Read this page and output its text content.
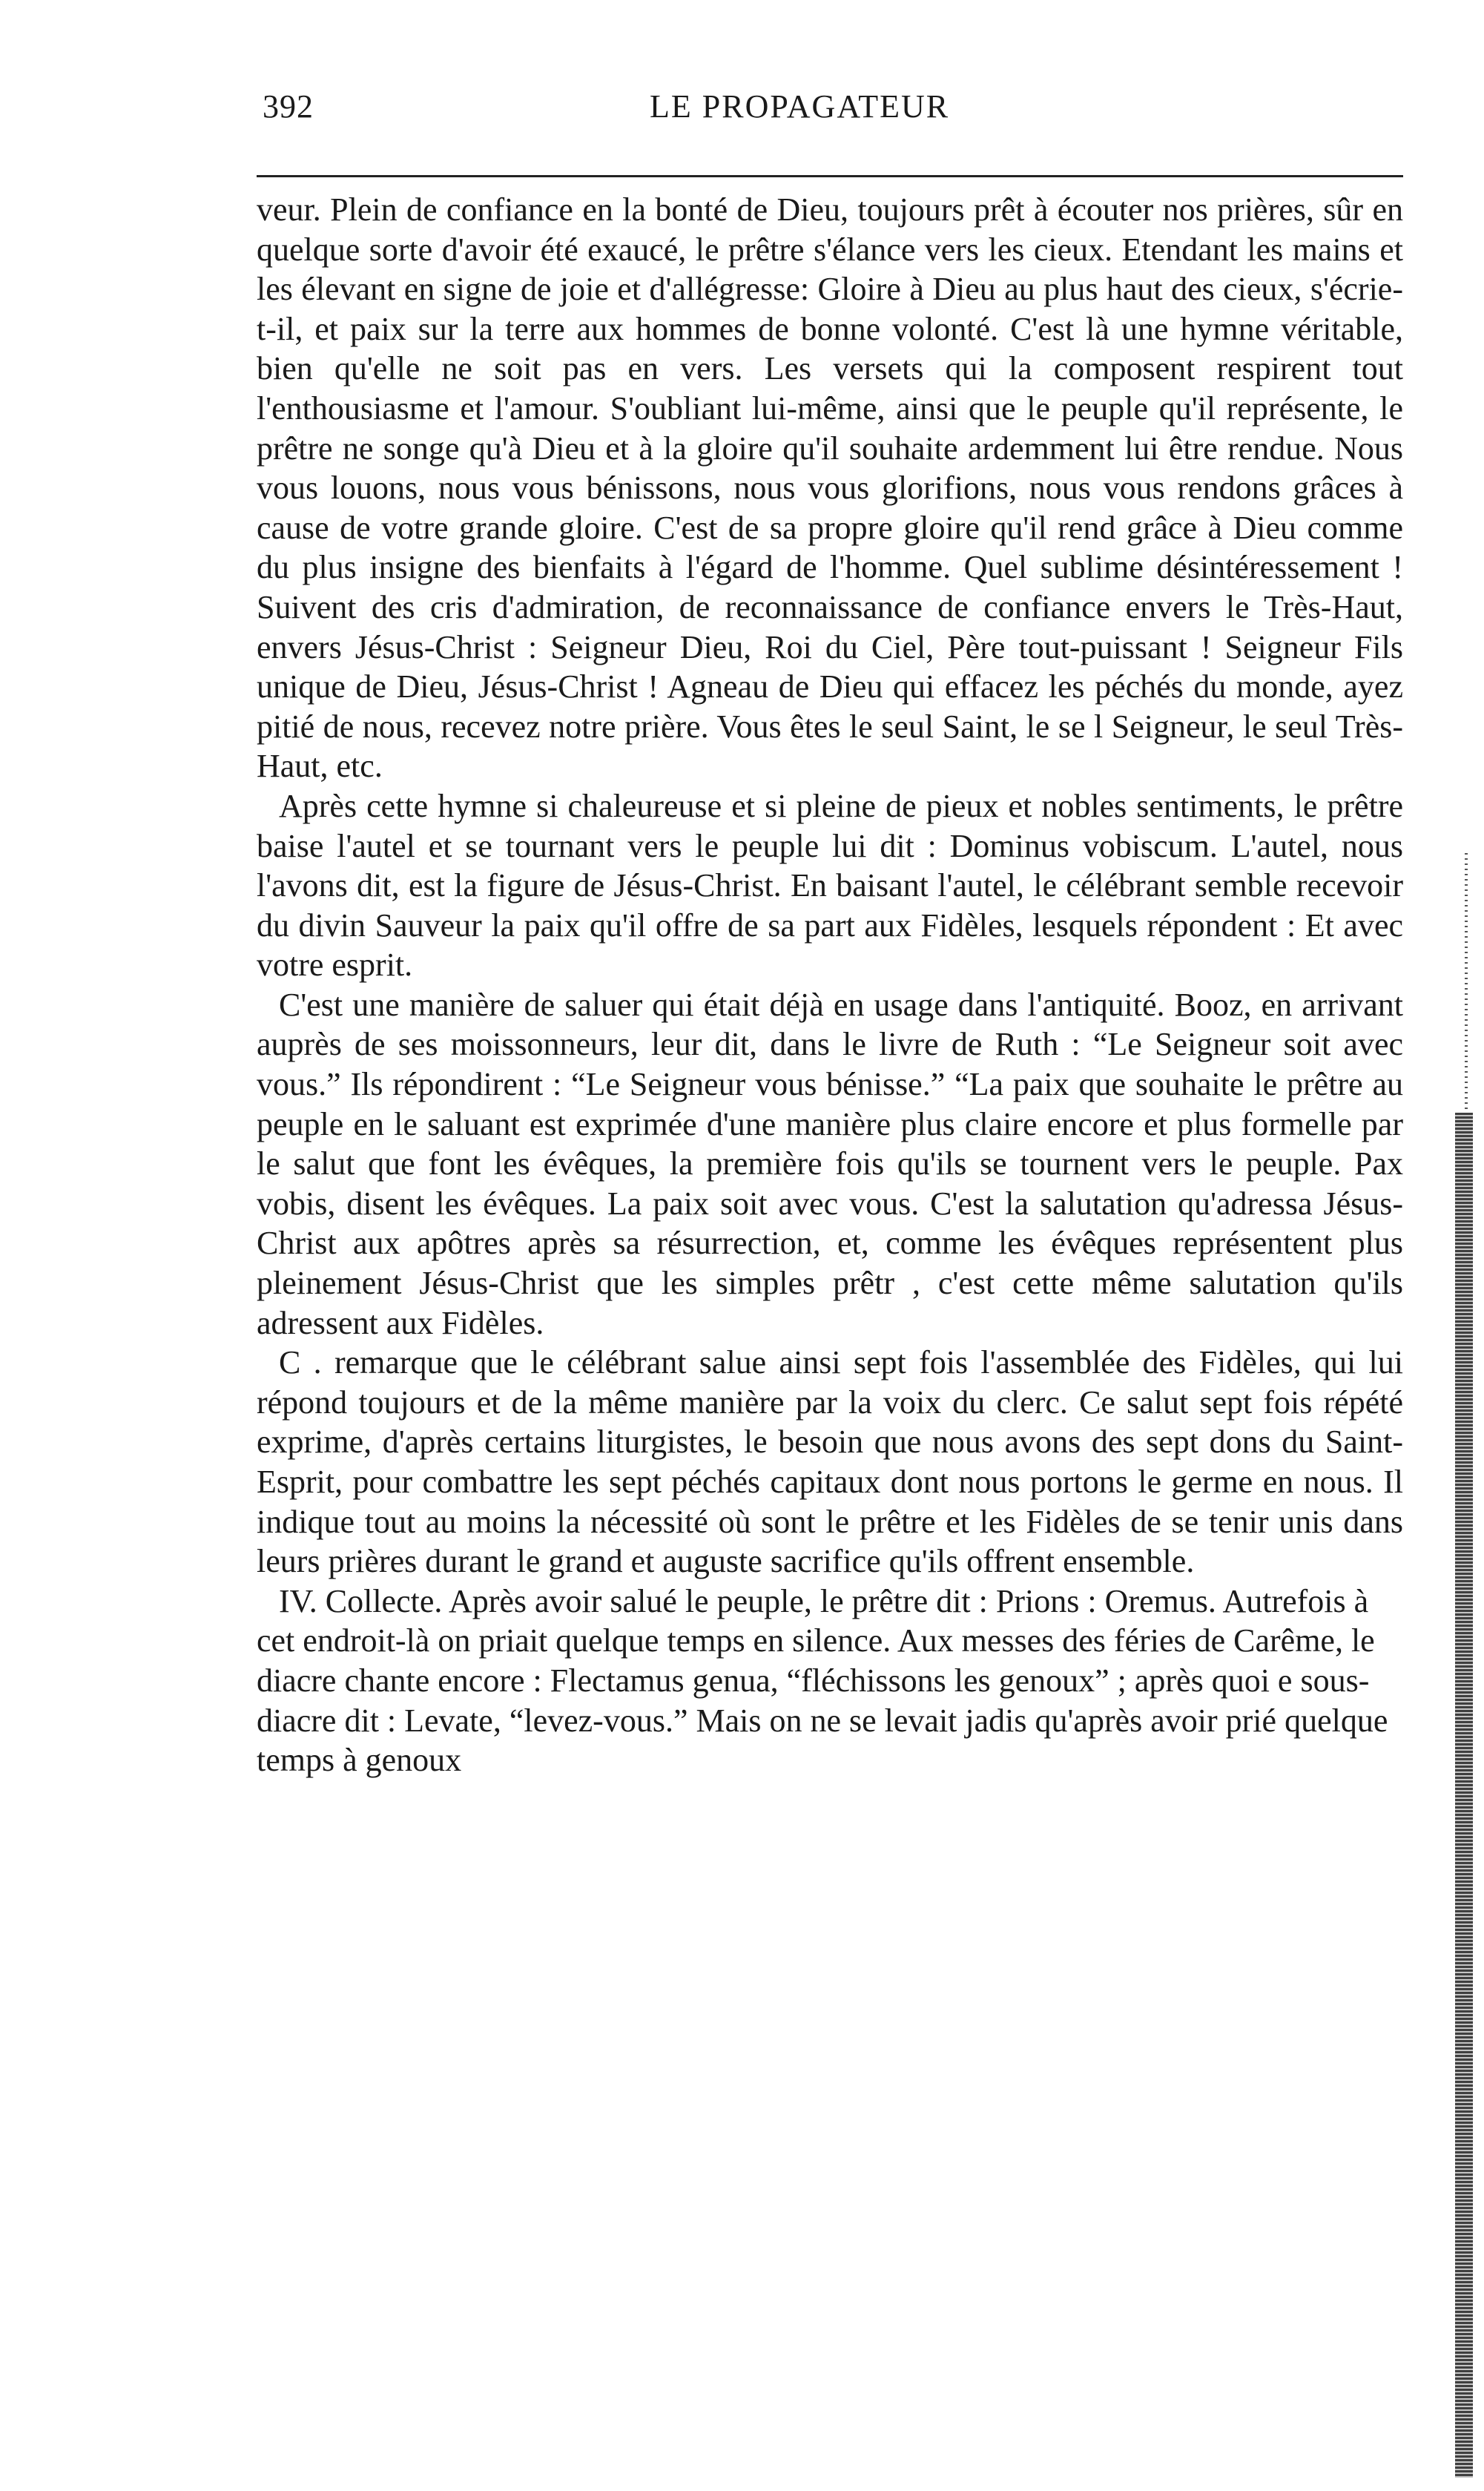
392	LE PROPAGATEUR

veur. Plein de confiance en la bonté de Dieu, toujours prêt à écouter nos prières, sûr en quelque sorte d'avoir été exaucé, le prêtre s'élance vers les cieux. Etendant les mains et les élevant en signe de joie et d'allégresse: Gloire à Dieu au plus haut des cieux, s'écrie-t-il, et paix sur la terre aux hommes de bonne volonté. C'est là une hymne véritable, bien qu'elle ne soit pas en vers. Les versets qui la composent respirent tout l'enthousiasme et l'amour. S'oubliant lui-même, ainsi que le peuple qu'il représente, le prêtre ne songe qu'à Dieu et à la gloire qu'il souhaite ardemment lui être rendue. Nous vous louons, nous vous bénissons, nous vous glorifions, nous vous rendons grâces à cause de votre grande gloire. C'est de sa propre gloire qu'il rend grâce à Dieu comme du plus insigne des bienfaits à l'égard de l'homme. Quel sublime désintéressement ! Suivent des cris d'admiration, de reconnaissance de confiance envers le Très-Haut, envers Jésus-Christ : Seigneur Dieu, Roi du Ciel, Père tout-puissant ! Seigneur Fils unique de Dieu, Jésus-Christ ! Agneau de Dieu qui effacez les péchés du monde, ayez pitié de nous, recevez notre prière. Vous êtes le seul Saint, le se l Seigneur, le seul Très-Haut, etc.

Après cette hymne si chaleureuse et si pleine de pieux et nobles sentiments, le prêtre baise l'autel et se tournant vers le peuple lui dit : Dominus vobiscum. L'autel, nous l'avons dit, est la figure de Jésus-Christ. En baisant l'autel, le célébrant semble recevoir du divin Sauveur la paix qu'il offre de sa part aux Fidèles, lesquels répondent : Et avec votre esprit.

C'est une manière de saluer qui était déjà en usage dans l'antiquité. Booz, en arrivant auprès de ses moissonneurs, leur dit, dans le livre de Ruth : “Le Seigneur soit avec vous.” Ils répondirent : “Le Seigneur vous bénisse.” “La paix que souhaite le prêtre au peuple en le saluant est exprimée d'une manière plus claire encore et plus formelle par le salut que font les évêques, la première fois qu'ils se tournent vers le peuple. Pax vobis, disent les évêques. La paix soit avec vous. C'est la salutation qu'adressa Jésus-Christ aux apôtres après sa résurrection, et, comme les évêques représentent plus pleinement Jésus-Christ que les simples prêtr , c'est cette même salutation qu'ils adressent aux Fidèles.

C . remarque que le célébrant salue ainsi sept fois l'assemblée des Fidèles, qui lui répond toujours et de la même manière par la voix du clerc. Ce salut sept fois répété exprime, d'après certains liturgistes, le besoin que nous avons des sept dons du Saint-Esprit, pour combattre les sept péchés capitaux dont nous portons le germe en nous. Il indique tout au moins la nécessité où sont le prêtre et les Fidèles de se tenir unis dans leurs prières durant le grand et auguste sacrifice qu'ils offrent ensemble.

IV. Collecte. Après avoir salué le peuple, le prêtre dit : Prions : Oremus. Autrefois à cet endroit-là on priait quelque temps en silence. Aux messes des féries de Carême, le diacre chante encore : Flectamus genua, “fléchissons les genoux” ; après quoi e sous-diacre dit : Levate, “levez-vous.” Mais on ne se levait jadis qu'après avoir prié quelque temps à genoux
